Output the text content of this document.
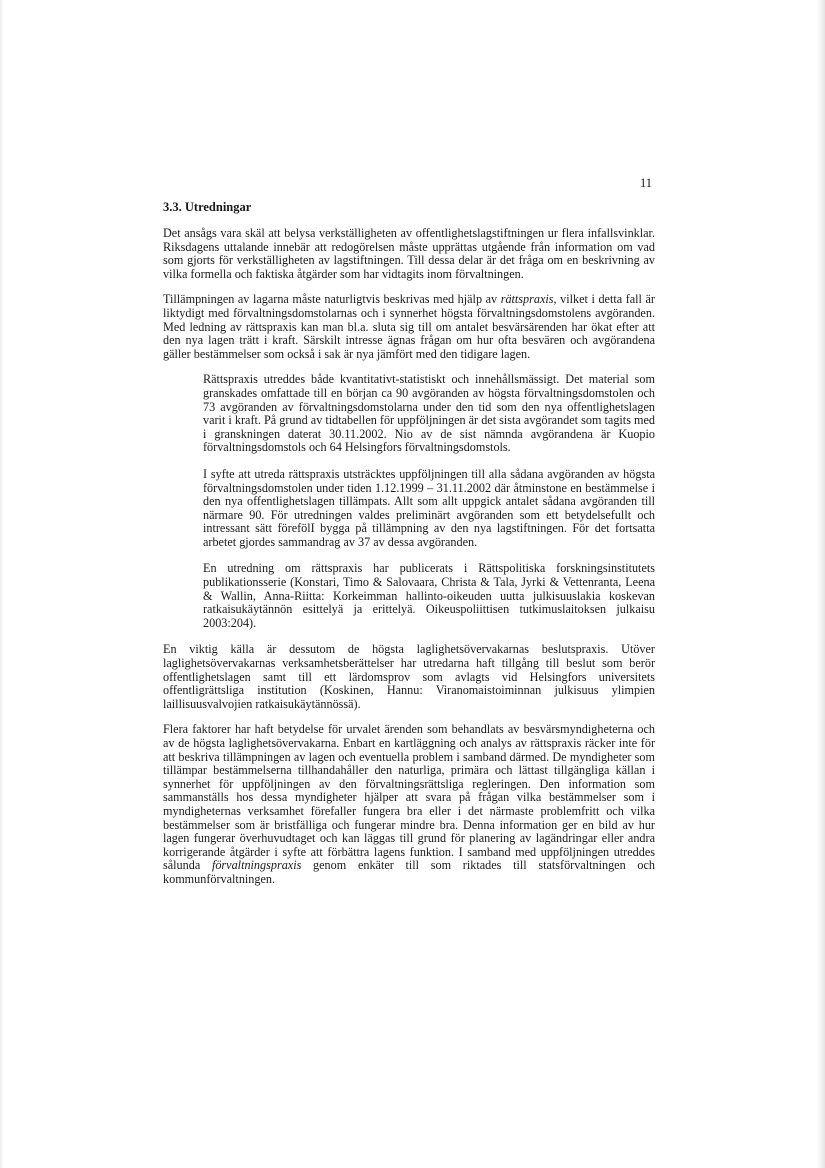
11
3.3. Utredningar

Det ansågs vara skäl att belysa verkställigheten av offentlighetslagstiftningen ur flera infallsvinklar. Riksdagens uttalande innebär att redogörelsen måste upprättas utgående från information om vad som gjorts för verkställigheten av lagstiftningen. Till dessa delar är det fråga om en beskrivning av vilka formella och faktiska åtgärder som har vidtagits inom förvaltningen.

Tillämpningen av lagarna måste naturligtvis beskrivas med hjälp av rättspraxis, vilket i detta fall är liktydigt med förvaltningsdomstolarnas och i synnerhet högsta förvaltningsdomstolens avgöranden. Med ledning av rättspraxis kan man bl.a. sluta sig till om antalet besvärsärenden har ökat efter att den nya lagen trätt i kraft. Särskilt intresse ägnas frågan om hur ofta besvären och avgörandena gäller bestämmelser som också i sak är nya jämfört med den tidigare lagen.

Rättspraxis utreddes både kvantitativt-statistiskt och innehållsmässigt. Det material som granskades omfattade till en början ca 90 avgöranden av högsta förvaltningsdomstolen och 73 avgöranden av förvaltningsdomstolarna under den tid som den nya offentlighetslagen varit i kraft. På grund av tidtabellen för uppföljningen är det sista avgörandet som tagits med i granskningen daterat 30.11.2002. Nio av de sist nämnda avgörandena är Kuopio förvaltningsdomstols och 64 Helsingfors förvaltningsdomstols.

I syfte att utreda rättspraxis utsträcktes uppföljningen till alla sådana avgöranden av högsta förvaltningsdomstolen under tiden 1.12.1999 – 31.11.2002 där åtminstone en bestämmelse i den nya offentlighetslagen tillämpats. Allt som allt uppgick antalet sådana avgöranden till närmare 90. För utredningen valdes preliminärt avgöranden som ett betydelsefullt och intressant sätt förefölI bygga på tillämpning av den nya lagstiftningen. För det fortsatta arbetet gjordes sammandrag av 37 av dessa avgöranden.

En utredning om rättspraxis har publicerats i Rättspolitiska forskningsinstitutets publikationsserie (Konstari, Timo & Salovaara, Christa & Tala, Jyrki & Vettenranta, Leena & Wallin, Anna-Riitta: Korkeimman hallinto-oikeuden uutta julkisuuslakia koskevan ratkaisukäytännön esittelyä ja erittelyä. Oikeuspoliittisen tutkimuslaitoksen julkaisu 2003:204).

En viktig källa är dessutom de högsta laglighetsövervakarnas beslutspraxis. Utöver laglighetsövervakarnas verksamhetsberättelser har utredarna haft tillgång till beslut som berör offentlighetslagen samt till ett lärdomsprov som avlagts vid Helsingfors universitets offentligrättsliga institution (Koskinen, Hannu: Viranomaistoiminnan julkisuus ylimpien laillisuusvalvojien ratkaisukäytännössä).

Flera faktorer har haft betydelse för urvalet ärenden som behandlats av besvärsmyndigheterna och av de högsta laglighetsövervakarna. Enbart en kartläggning och analys av rättspraxis räcker inte för att beskriva tillämpningen av lagen och eventuella problem i samband därmed. De myndigheter som tillämpar bestämmelserna tillhandahåller den naturliga, primära och lättast tillgängliga källan i synnerhet för uppföljningen av den förvaltningsrättsliga regleringen. Den information som sammanställs hos dessa myndigheter hjälper att svara på frågan vilka bestämmelser som i myndigheternas verksamhet förefaller fungera bra eller i det närmaste problemfritt och vilka bestämmelser som är bristfälliga och fungerar mindre bra. Denna information ger en bild av hur lagen fungerar överhuvudtaget och kan läggas till grund för planering av lagändringar eller andra korrigerande åtgärder i syfte att förbättra lagens funktion. I samband med uppföljningen utreddes sålunda förvaltningspraxis genom enkäter till som riktades till statsförvaltningen och kommunförvaltningen.
